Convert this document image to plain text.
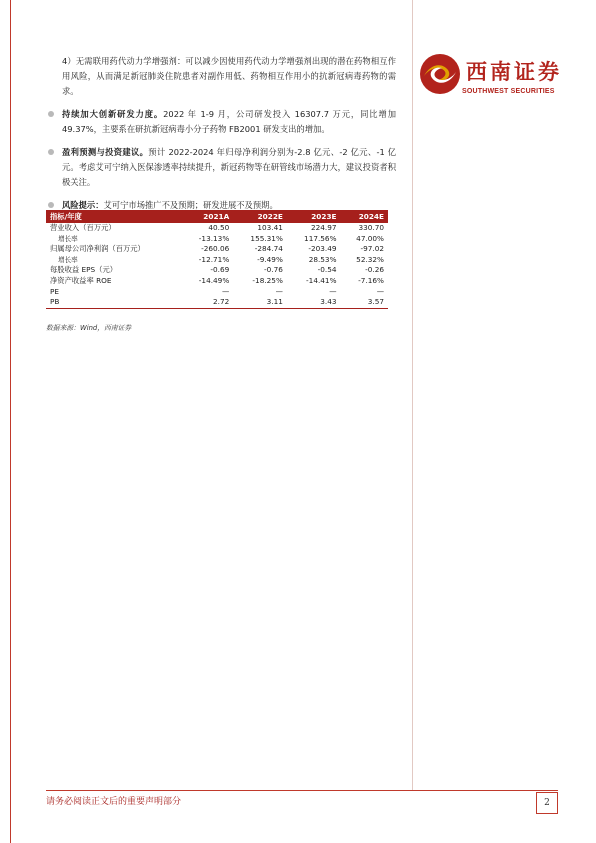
西南证券
SOUTHWEST SECURITIES

4）无需联用药代动力学增强剂：可以减少因使用药代动力学增强剂出现的潜在药物相互作用风险，从而满足新冠肺炎住院患者对副作用低、药物相互作用小的抗新冠病毒药物的需求。

持续加大创新研发力度。2022 年 1-9 月，公司研发投入 16307.7 万元，同比增加 49.37%，主要系在研抗新冠病毒小分子药物 FB2001 研发支出的增加。
盈利预测与投资建议。预计 2022-2024 年归母净利润分别为-2.8 亿元、-2 亿元、-1 亿元。考虑艾可宁纳入医保渗透率持续提升，新冠药物等在研管线市场潜力大，建议投资者积极关注。
风险提示：艾可宁市场推广不及预期；研发进展不及预期。
指标/年度	2021A	2022E	2023E	2024E
营业收入（百万元）	40.50	103.41	224.97	330.70
增长率	-13.13%	155.31%	117.56%	47.00%
归属母公司净利润（百万元）	-260.06	-284.74	-203.49	-97.02
增长率	-12.71%	-9.49%	28.53%	52.32%
每股收益 EPS（元）	-0.69	-0.76	-0.54	-0.26
净资产收益率 ROE	-14.49%	-18.25%	-14.41%	-7.16%
PE	—	—	—	—
PB	2.72	3.11	3.43	3.57
数据来源：Wind，西南证券
请务必阅读正文后的重要声明部分	2
